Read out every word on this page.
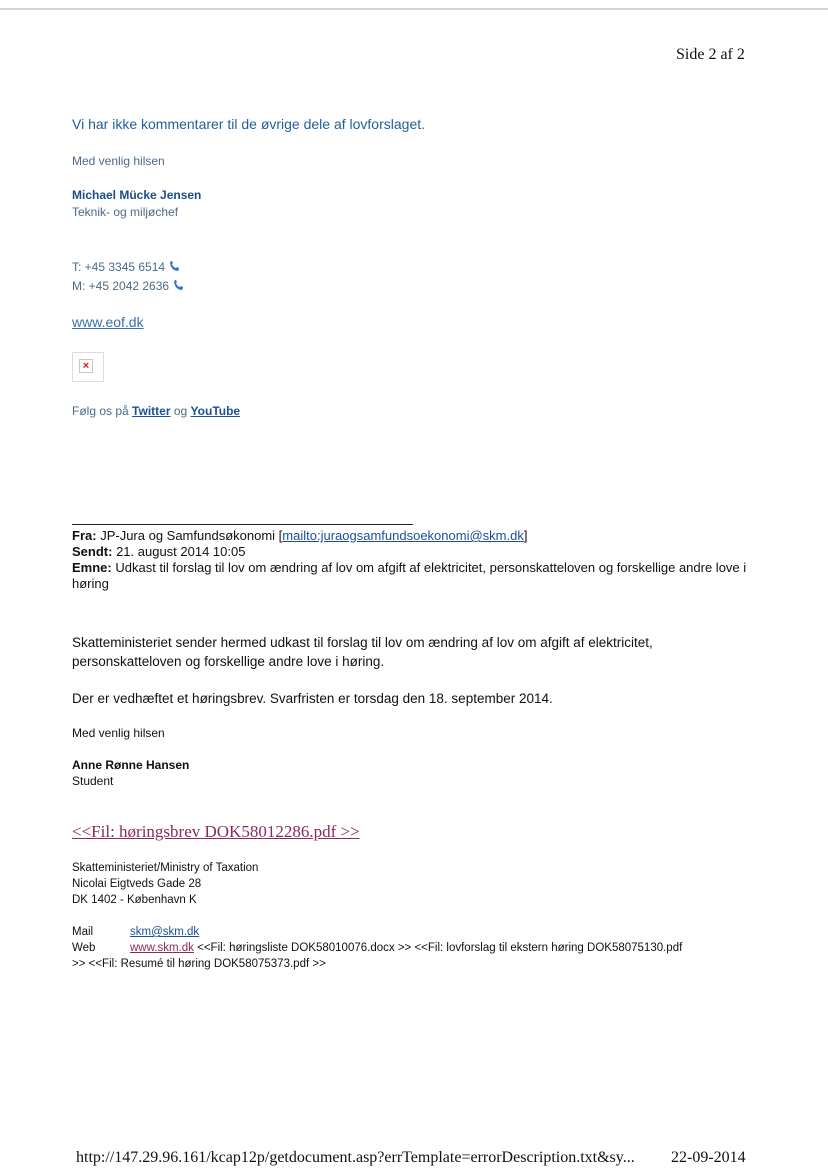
Side 2 af 2
Vi har ikke kommentarer til de øvrige dele af lovforslaget.
Med venlig hilsen
Michael Mücke Jensen
Teknik- og miljøchef
T: +45 3345 6514
M: +45 2042 2636
www.eof.dk
×
Følg os på Twitter og YouTube
Fra: JP-Jura og Samfundsøkonomi [mailto:juraogsamfundsoekonomi@skm.dk]
Sendt: 21. august 2014 10:05
Emne: Udkast til forslag til lov om ændring af lov om afgift af elektricitet, personskatteloven og forskellige andre love i høring
Skatteministeriet sender hermed udkast til forslag til lov om ændring af lov om afgift af elektricitet,
personskatteloven og forskellige andre love i høring.
Der er vedhæftet et høringsbrev. Svarfristen er torsdag den 18. september 2014.
Med venlig hilsen
Anne Rønne Hansen
Student
<<Fil: høringsbrev DOK58012286.pdf >>
Skatteministeriet/Ministry of Taxation
Nicolai Eigtveds Gade 28
DK 1402 - København K
Mail	skm@skm.dk
Web	www.skm.dk <<Fil: høringsliste DOK58010076.docx >> <<Fil: lovforslag til ekstern høring DOK58075130.pdf
>> <<Fil: Resumé til høring DOK58075373.pdf >>
http://147.29.96.161/kcap12p/getdocument.asp?errTemplate=errorDescription.txt&sy... 22-09-2014
